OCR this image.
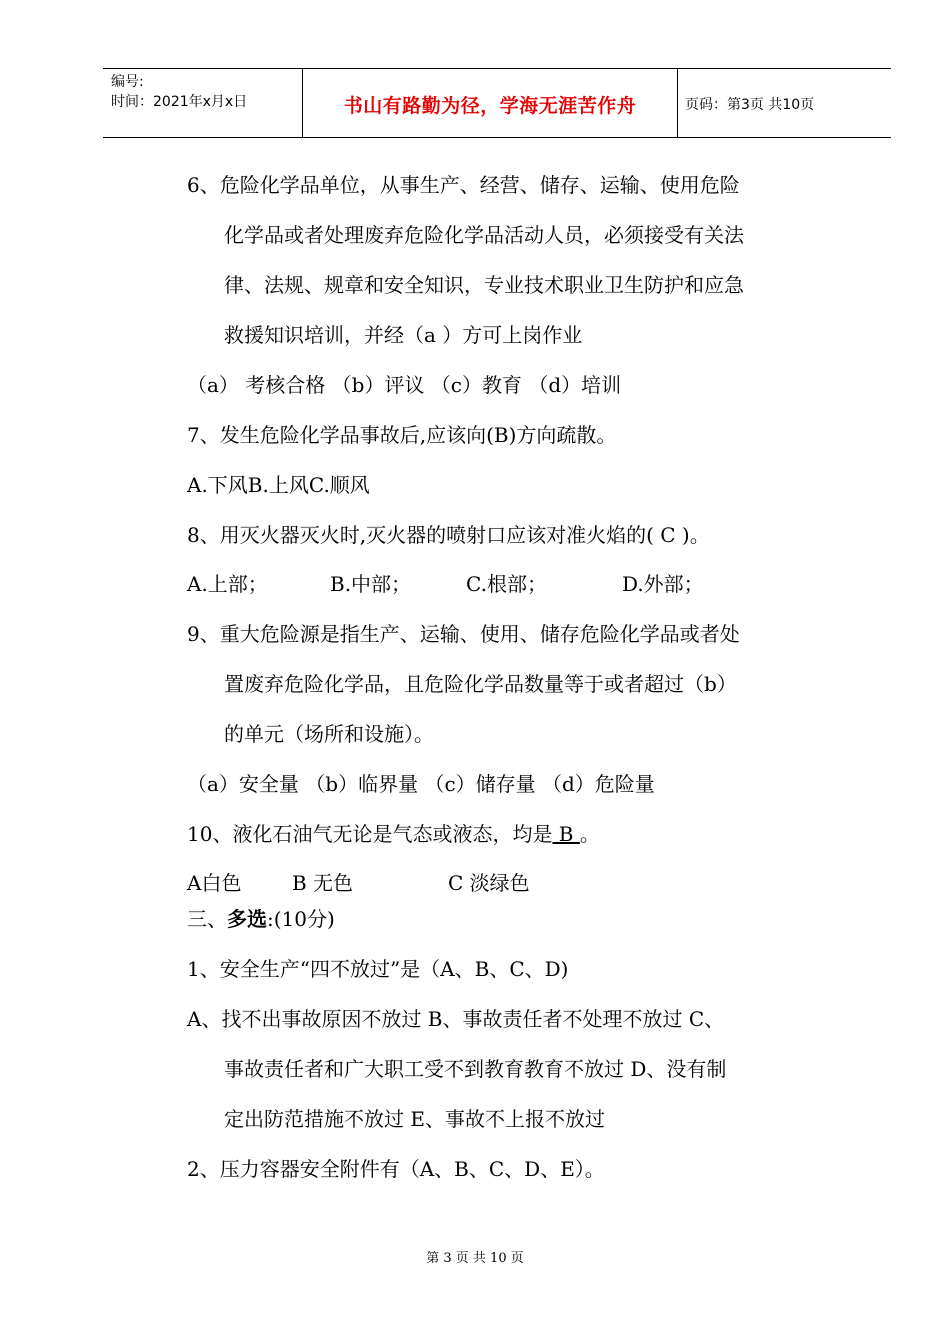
编号:
时间：2021年x月x日	书山有路勤为径，学海无涯苦作舟	页码：第3页 共10页
6、危险化学品单位，从事生产、经营、储存、运输、使用危险
化学品或者处理废弃危险化学品活动人员，必须接受有关法
律、法规、规章和安全知识，专业技术职业卫生防护和应急
救援知识培训，并经（a ）方可上岗作业
（a） 考核合格 （b）评议 （c）教育 （d）培训
7、发生危险化学品事故后,应该向(B)方向疏散。
A.下风B.上风C.顺风
8、用灭火器灭火时,灭火器的喷射口应该对准火焰的( C )。
A.上部；	B.中部；	C.根部；	D.外部；
9、重大危险源是指生产、运输、使用、储存危险化学品或者处
置废弃危险化学品，且危险化学品数量等于或者超过（b）
的单元（场所和设施）。
（a）安全量 （b）临界量 （c）储存量 （d）危险量
10、液化石油气无论是气态或液态，均是 B 。
A白色	B 无色	C 淡绿色
三、多选:(10分)
1、安全生产“四不放过”是（A、B、C、D)
A、找不出事故原因不放过 B、事故责任者不处理不放过 C、
事故责任者和广大职工受不到教育教育不放过 D、没有制
定出防范措施不放过 E、事故不上报不放过
2、压力容器安全附件有（A、B、C、D、E）。
第 3 页 共 10 页
